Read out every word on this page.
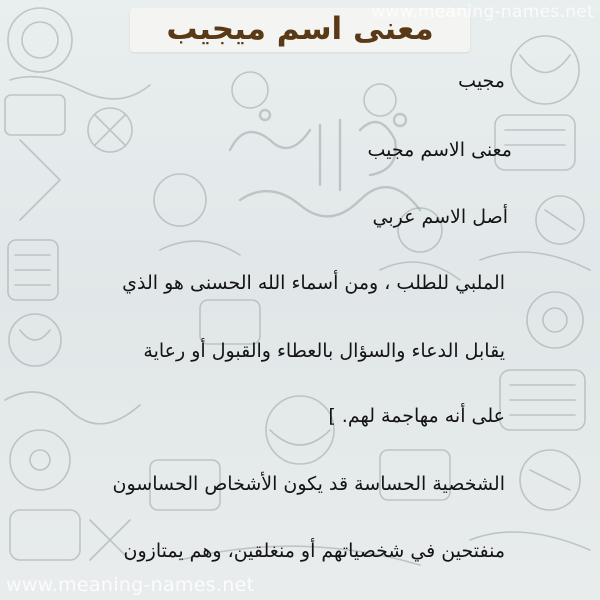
معنى اسم ميجيب
www.meaning-names.net
مجيب
معنى الاسم مجيب
أصل الاسم عربي
الملبي للطلب ، ومن أسماء الله الحسنى هو الذي
يقابل الدعاء والسؤال بالعطاء والقبول أو رعاية
على أنه مهاجمة لهم. ]
الشخصية الحساسة قد يكون الأشخاص الحساسون
منفتحين في شخصياتهم أو منغلقين، وهم يمتازون
www.meaning-names.net
